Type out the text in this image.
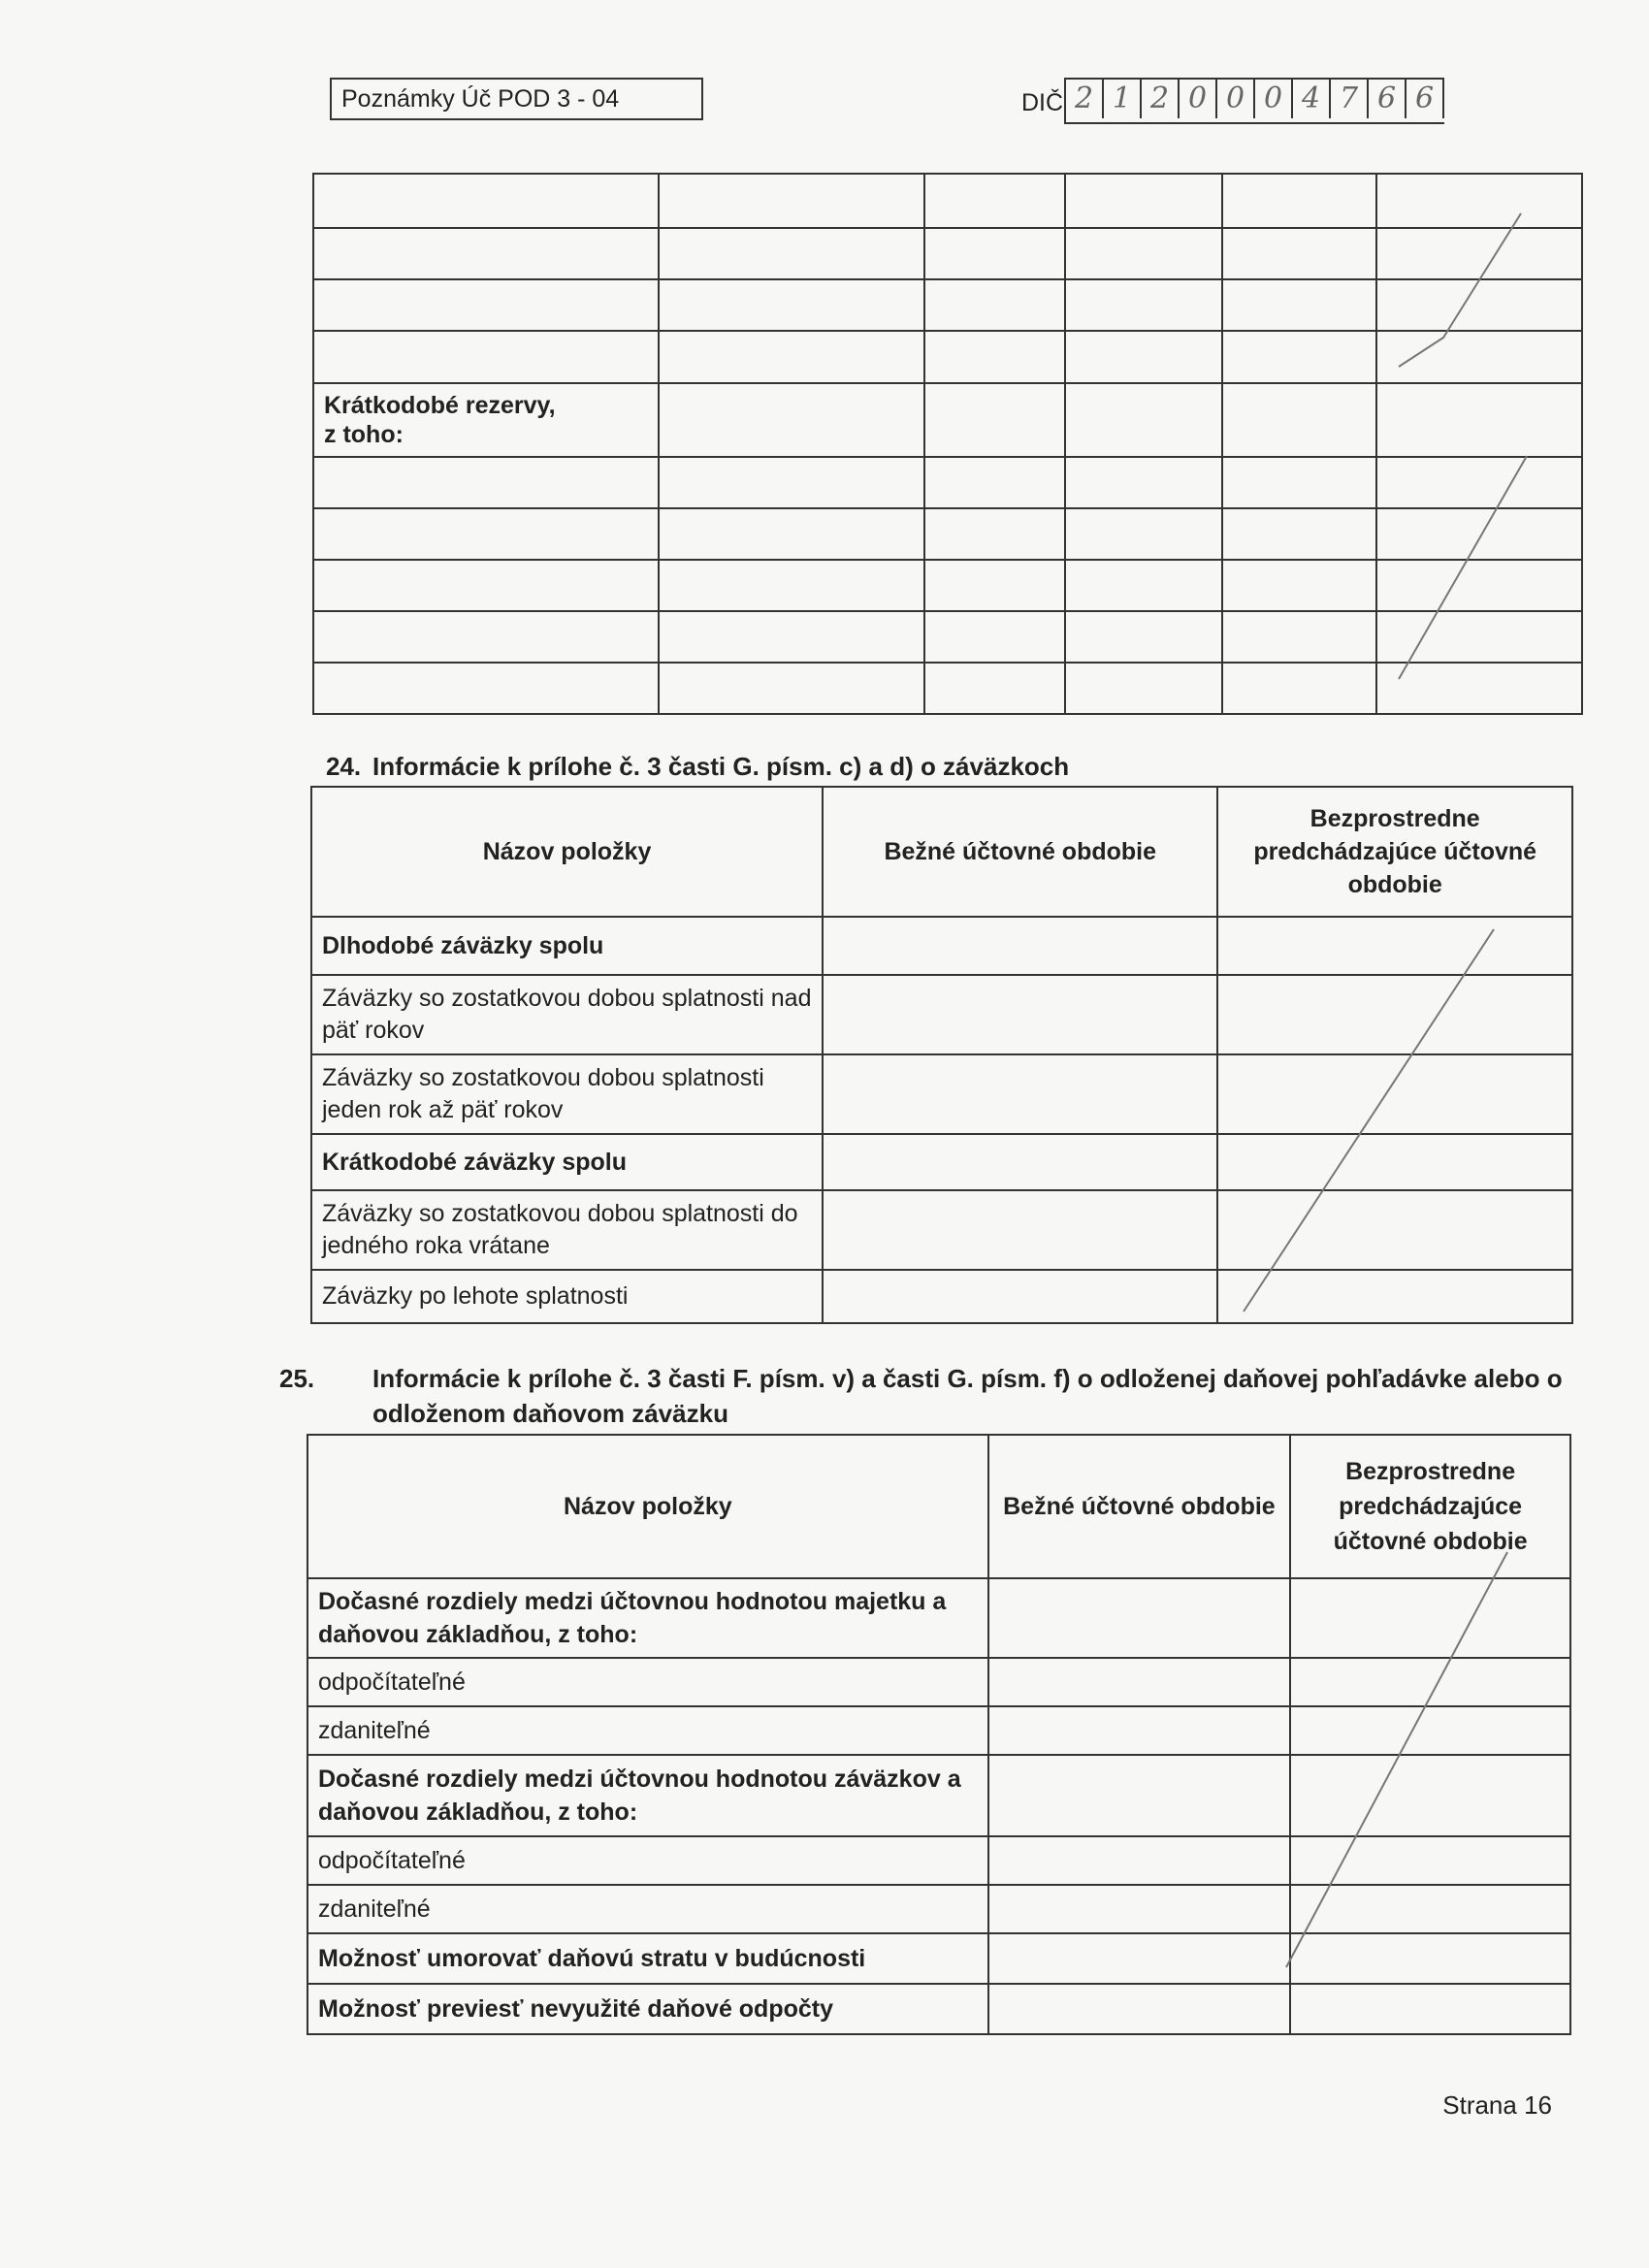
Poznámky Úč POD 3 - 04	DIČ 2 1 2 0 0 0 4 7 6 6

Krátkodobé rezervy,
z toho:					

24. Informácie k prílohe č. 3 časti G. písm. c) a d) o záväzkoch
Názov položky	Bežné účtovné obdobie	Bezprostredne predchádzajúce účtovné obdobie
Dlhodobé záväzky spolu		
Záväzky so zostatkovou dobou splatnosti nad päť rokov		
Záväzky so zostatkovou dobou splatnosti jeden rok až päť rokov		
Krátkodobé záväzky spolu		
Záväzky so zostatkovou dobou splatnosti do jedného roka vrátane		
Záväzky po lehote splatnosti		
25. Informácie k prílohe č. 3 časti F. písm. v) a časti G. písm. f) o odloženej daňovej pohľadávke alebo o odloženom daňovom záväzku
Názov položky	Bežné účtovné obdobie	Bezprostredne predchádzajúce účtovné obdobie
Dočasné rozdiely medzi účtovnou hodnotou majetku a daňovou základňou, z toho:		
odpočítateľné		
zdaniteľné		
Dočasné rozdiely medzi účtovnou hodnotou záväzkov a daňovou základňou, z toho:		
odpočítateľné		
zdaniteľné		
Možnosť umorovať daňovú stratu v budúcnosti		
Možnosť previesť nevyužité daňové odpočty		
Strana 16
